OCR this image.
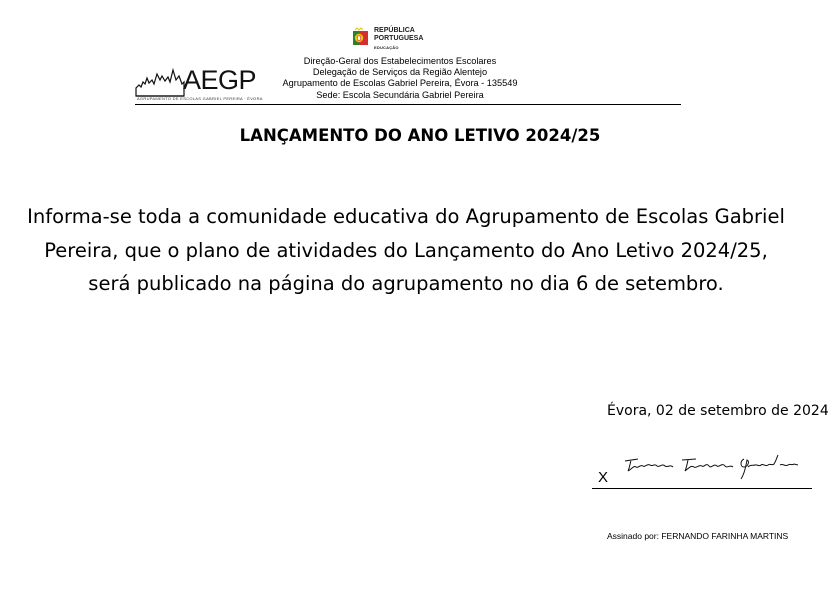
REPÚBLICA
PORTUGUESA
EDUCAÇÃO
AEGP
AGRUPAMENTO DE ESCOLAS GABRIEL PEREIRA · ÉVORA
Direção-Geral dos Estabelecimentos Escolares
Delegação de Serviços da Região Alentejo
Agrupamento de Escolas Gabriel Pereira, Évora - 135549
Sede: Escola Secundária Gabriel Pereira
LANÇAMENTO DO ANO LETIVO 2024/25
Informa-se toda a comunidade educativa do Agrupamento de Escolas Gabriel
Pereira, que o plano de atividades do Lançamento do Ano Letivo 2024/25,
será publicado na página do agrupamento no dia 6 de setembro.
Évora, 02 de setembro de 2024
X
Assinado por: FERNANDO FARINHA MARTINS
